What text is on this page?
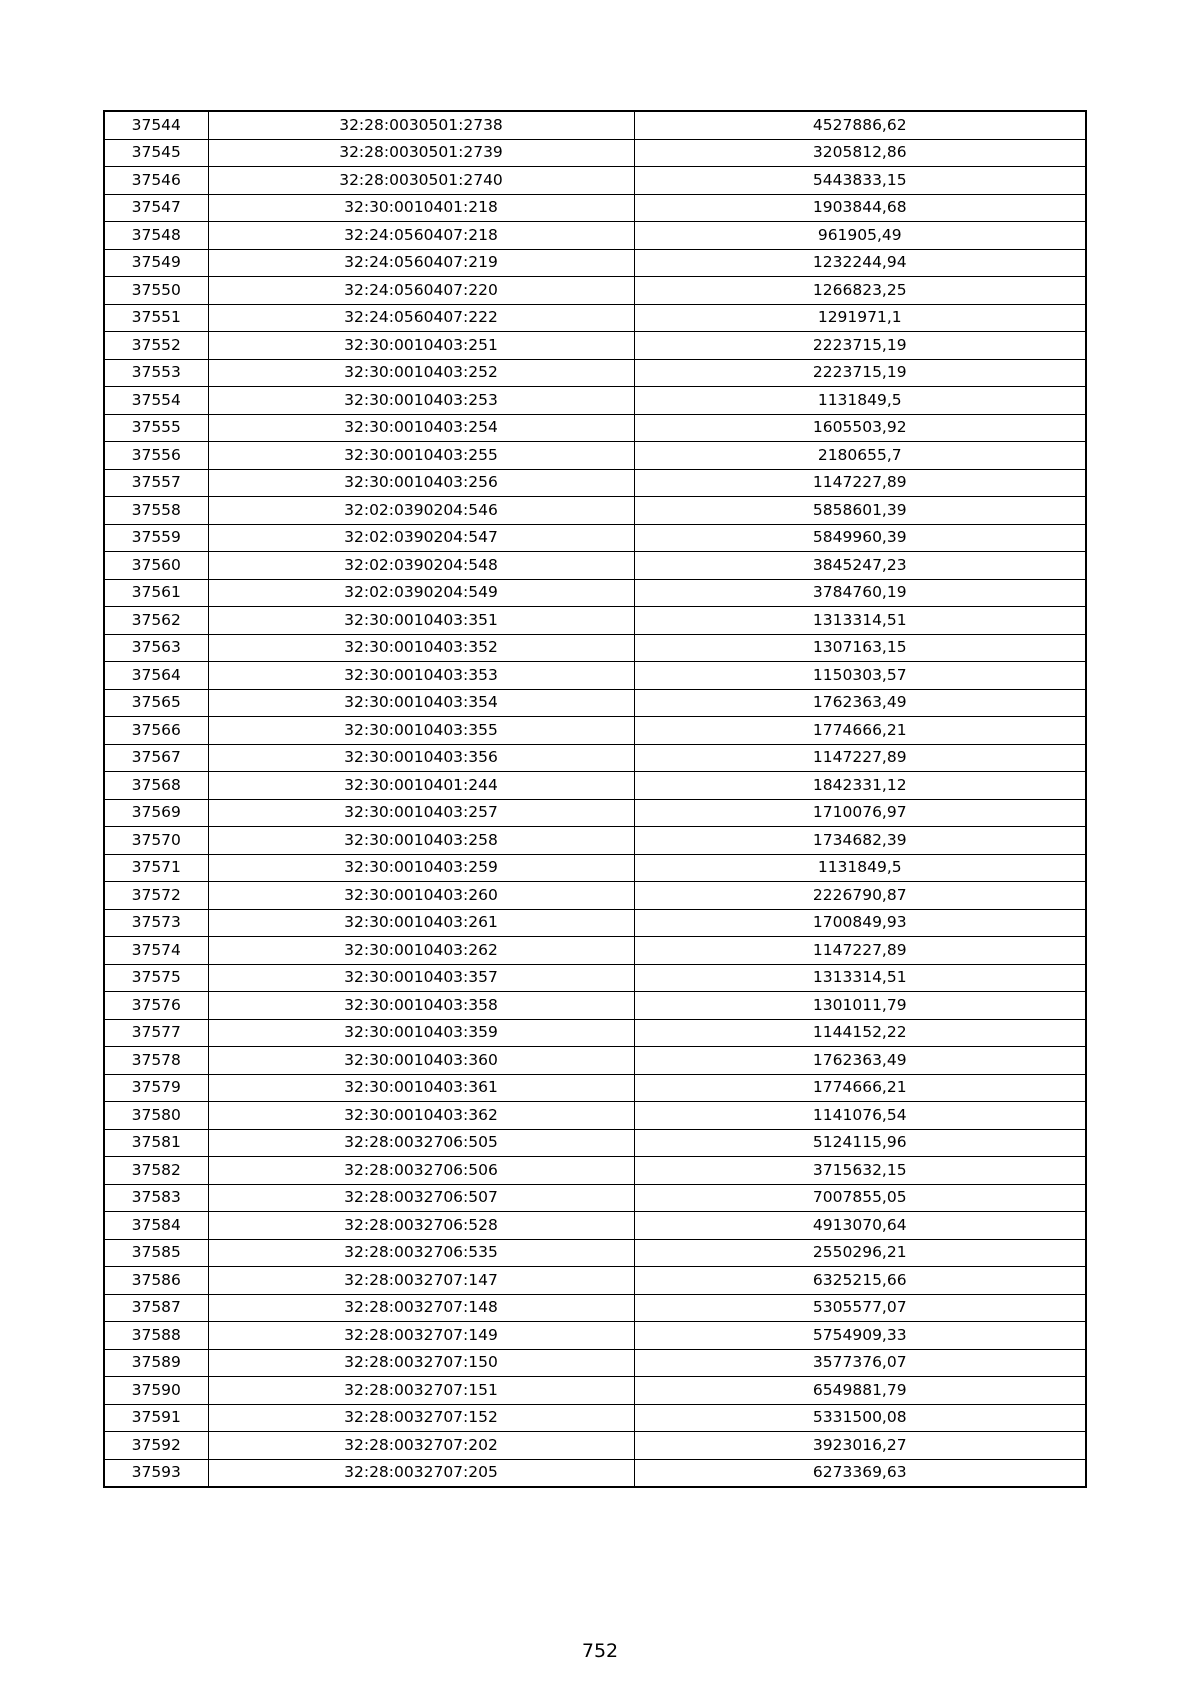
37544	32:28:0030501:2738	4527886,62
37545	32:28:0030501:2739	3205812,86
37546	32:28:0030501:2740	5443833,15
37547	32:30:0010401:218	1903844,68
37548	32:24:0560407:218	961905,49
37549	32:24:0560407:219	1232244,94
37550	32:24:0560407:220	1266823,25
37551	32:24:0560407:222	1291971,1
37552	32:30:0010403:251	2223715,19
37553	32:30:0010403:252	2223715,19
37554	32:30:0010403:253	1131849,5
37555	32:30:0010403:254	1605503,92
37556	32:30:0010403:255	2180655,7
37557	32:30:0010403:256	1147227,89
37558	32:02:0390204:546	5858601,39
37559	32:02:0390204:547	5849960,39
37560	32:02:0390204:548	3845247,23
37561	32:02:0390204:549	3784760,19
37562	32:30:0010403:351	1313314,51
37563	32:30:0010403:352	1307163,15
37564	32:30:0010403:353	1150303,57
37565	32:30:0010403:354	1762363,49
37566	32:30:0010403:355	1774666,21
37567	32:30:0010403:356	1147227,89
37568	32:30:0010401:244	1842331,12
37569	32:30:0010403:257	1710076,97
37570	32:30:0010403:258	1734682,39
37571	32:30:0010403:259	1131849,5
37572	32:30:0010403:260	2226790,87
37573	32:30:0010403:261	1700849,93
37574	32:30:0010403:262	1147227,89
37575	32:30:0010403:357	1313314,51
37576	32:30:0010403:358	1301011,79
37577	32:30:0010403:359	1144152,22
37578	32:30:0010403:360	1762363,49
37579	32:30:0010403:361	1774666,21
37580	32:30:0010403:362	1141076,54
37581	32:28:0032706:505	5124115,96
37582	32:28:0032706:506	3715632,15
37583	32:28:0032706:507	7007855,05
37584	32:28:0032706:528	4913070,64
37585	32:28:0032706:535	2550296,21
37586	32:28:0032707:147	6325215,66
37587	32:28:0032707:148	5305577,07
37588	32:28:0032707:149	5754909,33
37589	32:28:0032707:150	3577376,07
37590	32:28:0032707:151	6549881,79
37591	32:28:0032707:152	5331500,08
37592	32:28:0032707:202	3923016,27
37593	32:28:0032707:205	6273369,63
752
